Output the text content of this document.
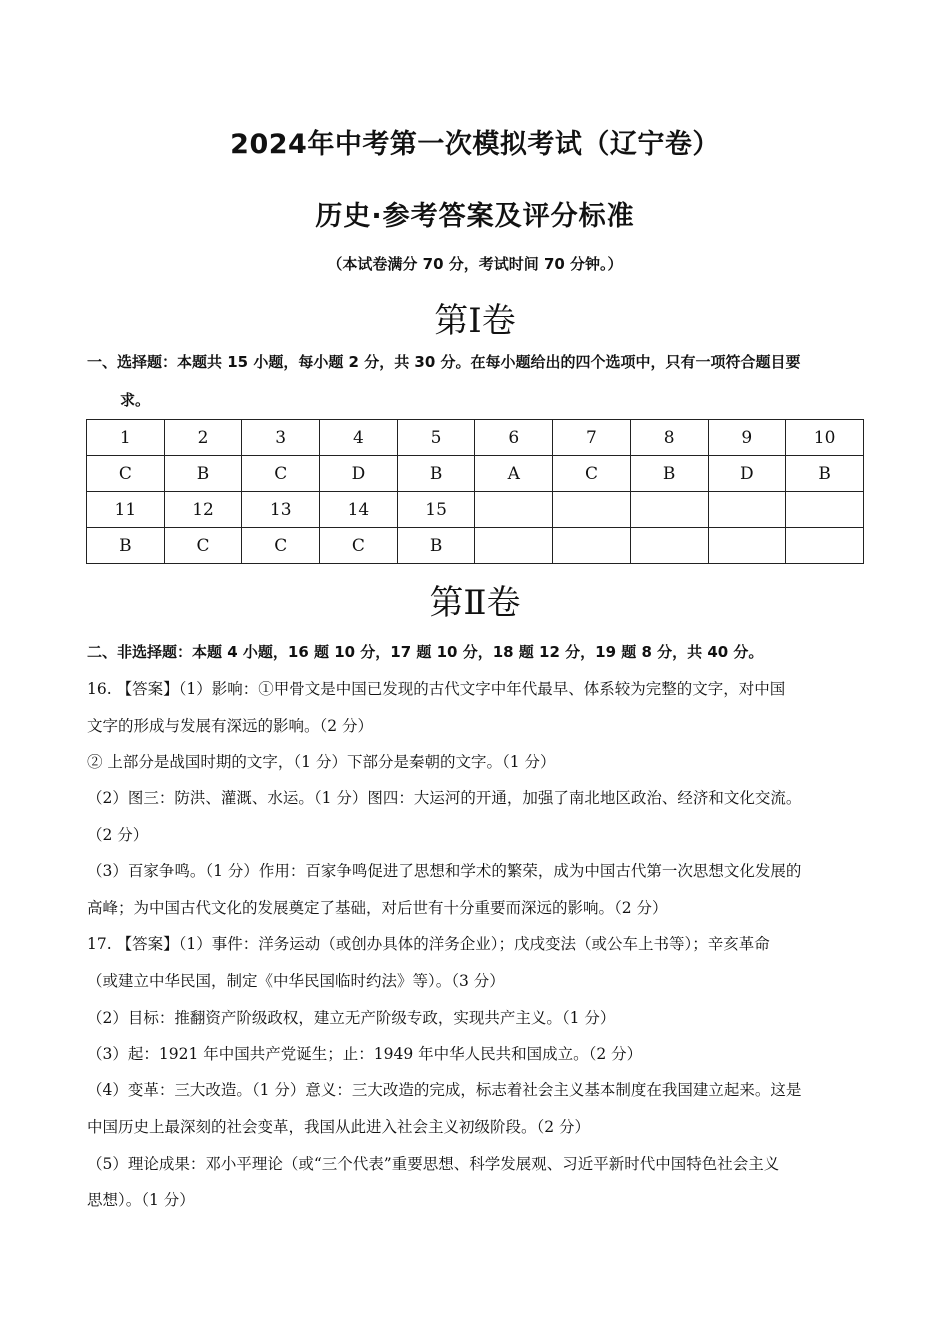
2024年中考第一次模拟考试（辽宁卷）
历史·参考答案及评分标准
（本试卷满分 70 分，考试时间 70 分钟。）
第Ⅰ卷
一、选择题：本题共 15 小题，每小题 2 分，共 30 分。在每小题给出的四个选项中，只有一项符合题目要
求。
1	2	3	4	5	6	7	8	9	10
C	B	C	D	B	A	C	B	D	B
11	12	13	14	15					
B	C	C	C	B					
第Ⅱ卷
二、非选择题：本题 4 小题，16 题 10 分，17 题 10 分，18 题 12 分，19 题 8 分，共 40 分。
16. 【答案】（1）影响：①甲骨文是中国已发现的古代文字中年代最早、体系较为完整的文字，对中国
文字的形成与发展有深远的影响。（2 分）
② 上部分是战国时期的文字，（1 分）下部分是秦朝的文字。（1 分）
（2）图三：防洪、灌溉、水运。（1 分）图四：大运河的开通，加强了南北地区政治、经济和文化交流。
（2 分）
（3）百家争鸣。（1 分）作用：百家争鸣促进了思想和学术的繁荣，成为中国古代第一次思想文化发展的
高峰；为中国古代文化的发展奠定了基础，对后世有十分重要而深远的影响。（2 分）
17. 【答案】（1）事件：洋务运动（或创办具体的洋务企业）；戊戌变法（或公车上书等）；辛亥革命
（或建立中华民国，制定《中华民国临时约法》等）。（3 分）
（2）目标：推翻资产阶级政权，建立无产阶级专政，实现共产主义。（1 分）
（3）起：1921 年中国共产党诞生；止：1949 年中华人民共和国成立。（2 分）
（4）变革：三大改造。（1 分）意义：三大改造的完成，标志着社会主义基本制度在我国建立起来。这是
中国历史上最深刻的社会变革，我国从此进入社会主义初级阶段。（2 分）
（5）理论成果：邓小平理论（或“三个代表”重要思想、科学发展观、习近平新时代中国特色社会主义
思想）。（1 分）
